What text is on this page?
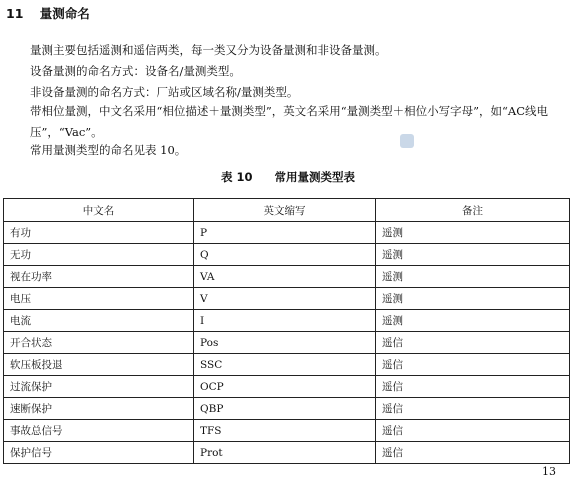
11 量测命名
量测主要包括遥测和遥信两类，每一类又分为设备量测和非设备量测。
设备量测的命名方式：设备名/量测类型。
非设备量测的命名方式：厂站或区域名称/量测类型。
带相位量测，中文名采用“相位描述＋量测类型”，英文名采用“量测类型＋相位小写字母”，如“AC线电压”，“Vac”。
常用量测类型的命名见表 10。
表 10 常用量测类型表
中文名	英文缩写	备注
有功	P	遥测
无功	Q	遥测
视在功率	VA	遥测
电压	V	遥测
电流	I	遥测
开合状态	Pos	遥信
软压板投退	SSC	遥信
过流保护	OCP	遥信
速断保护	QBP	遥信
事故总信号	TFS	遥信
保护信号	Prot	遥信
13
